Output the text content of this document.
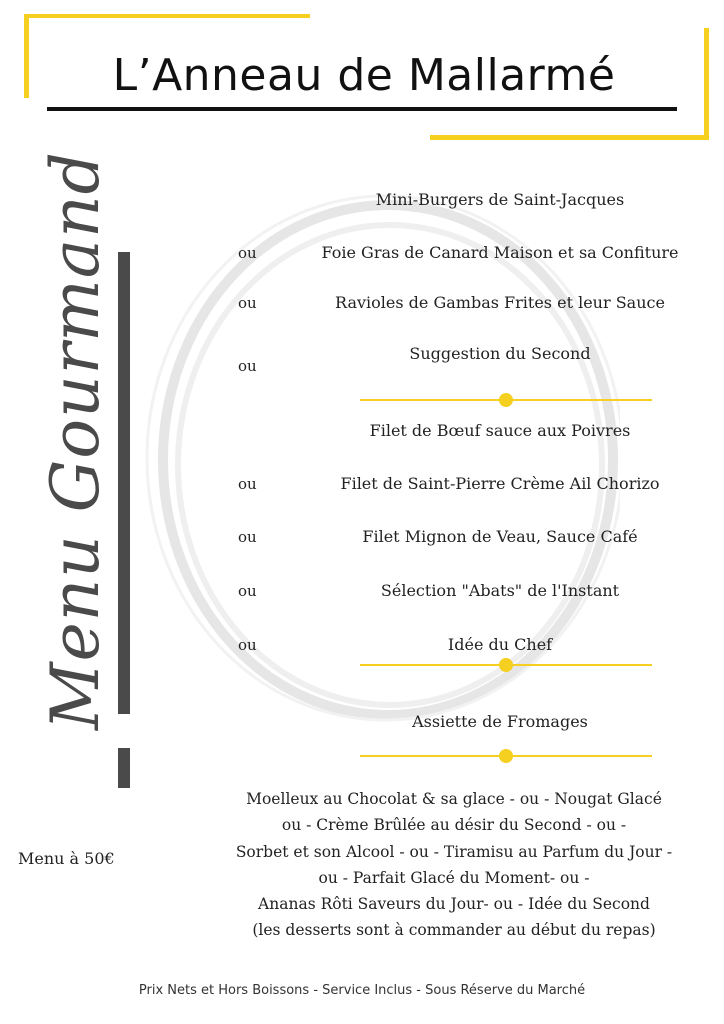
L’Anneau de Mallarmé
Menu Gourmand
Menu à 50€
Mini-Burgers de Saint-Jacques
ou	Foie Gras de Canard Maison et sa Confiture
ou	Ravioles de Gambas Frites et leur Sauce
ou
Suggestion du Second
Filet de Bœuf sauce aux Poivres
ou	Filet de Saint-Pierre Crème Ail Chorizo
ou	Filet Mignon de Veau, Sauce Café
ou	Sélection "Abats" de l'Instant
ou	Idée du Chef
Assiette de Fromages
Moelleux au Chocolat & sa glace - ou - Nougat Glacé
ou - Crème Brûlée au désir du Second - ou -
Sorbet et son Alcool - ou - Tiramisu au Parfum du Jour -
ou - Parfait Glacé du Moment- ou -
Ananas Rôti Saveurs du Jour- ou - Idée du Second
(les desserts sont à commander au début du repas)
Prix Nets et Hors Boissons - Service Inclus - Sous Réserve du Marché
